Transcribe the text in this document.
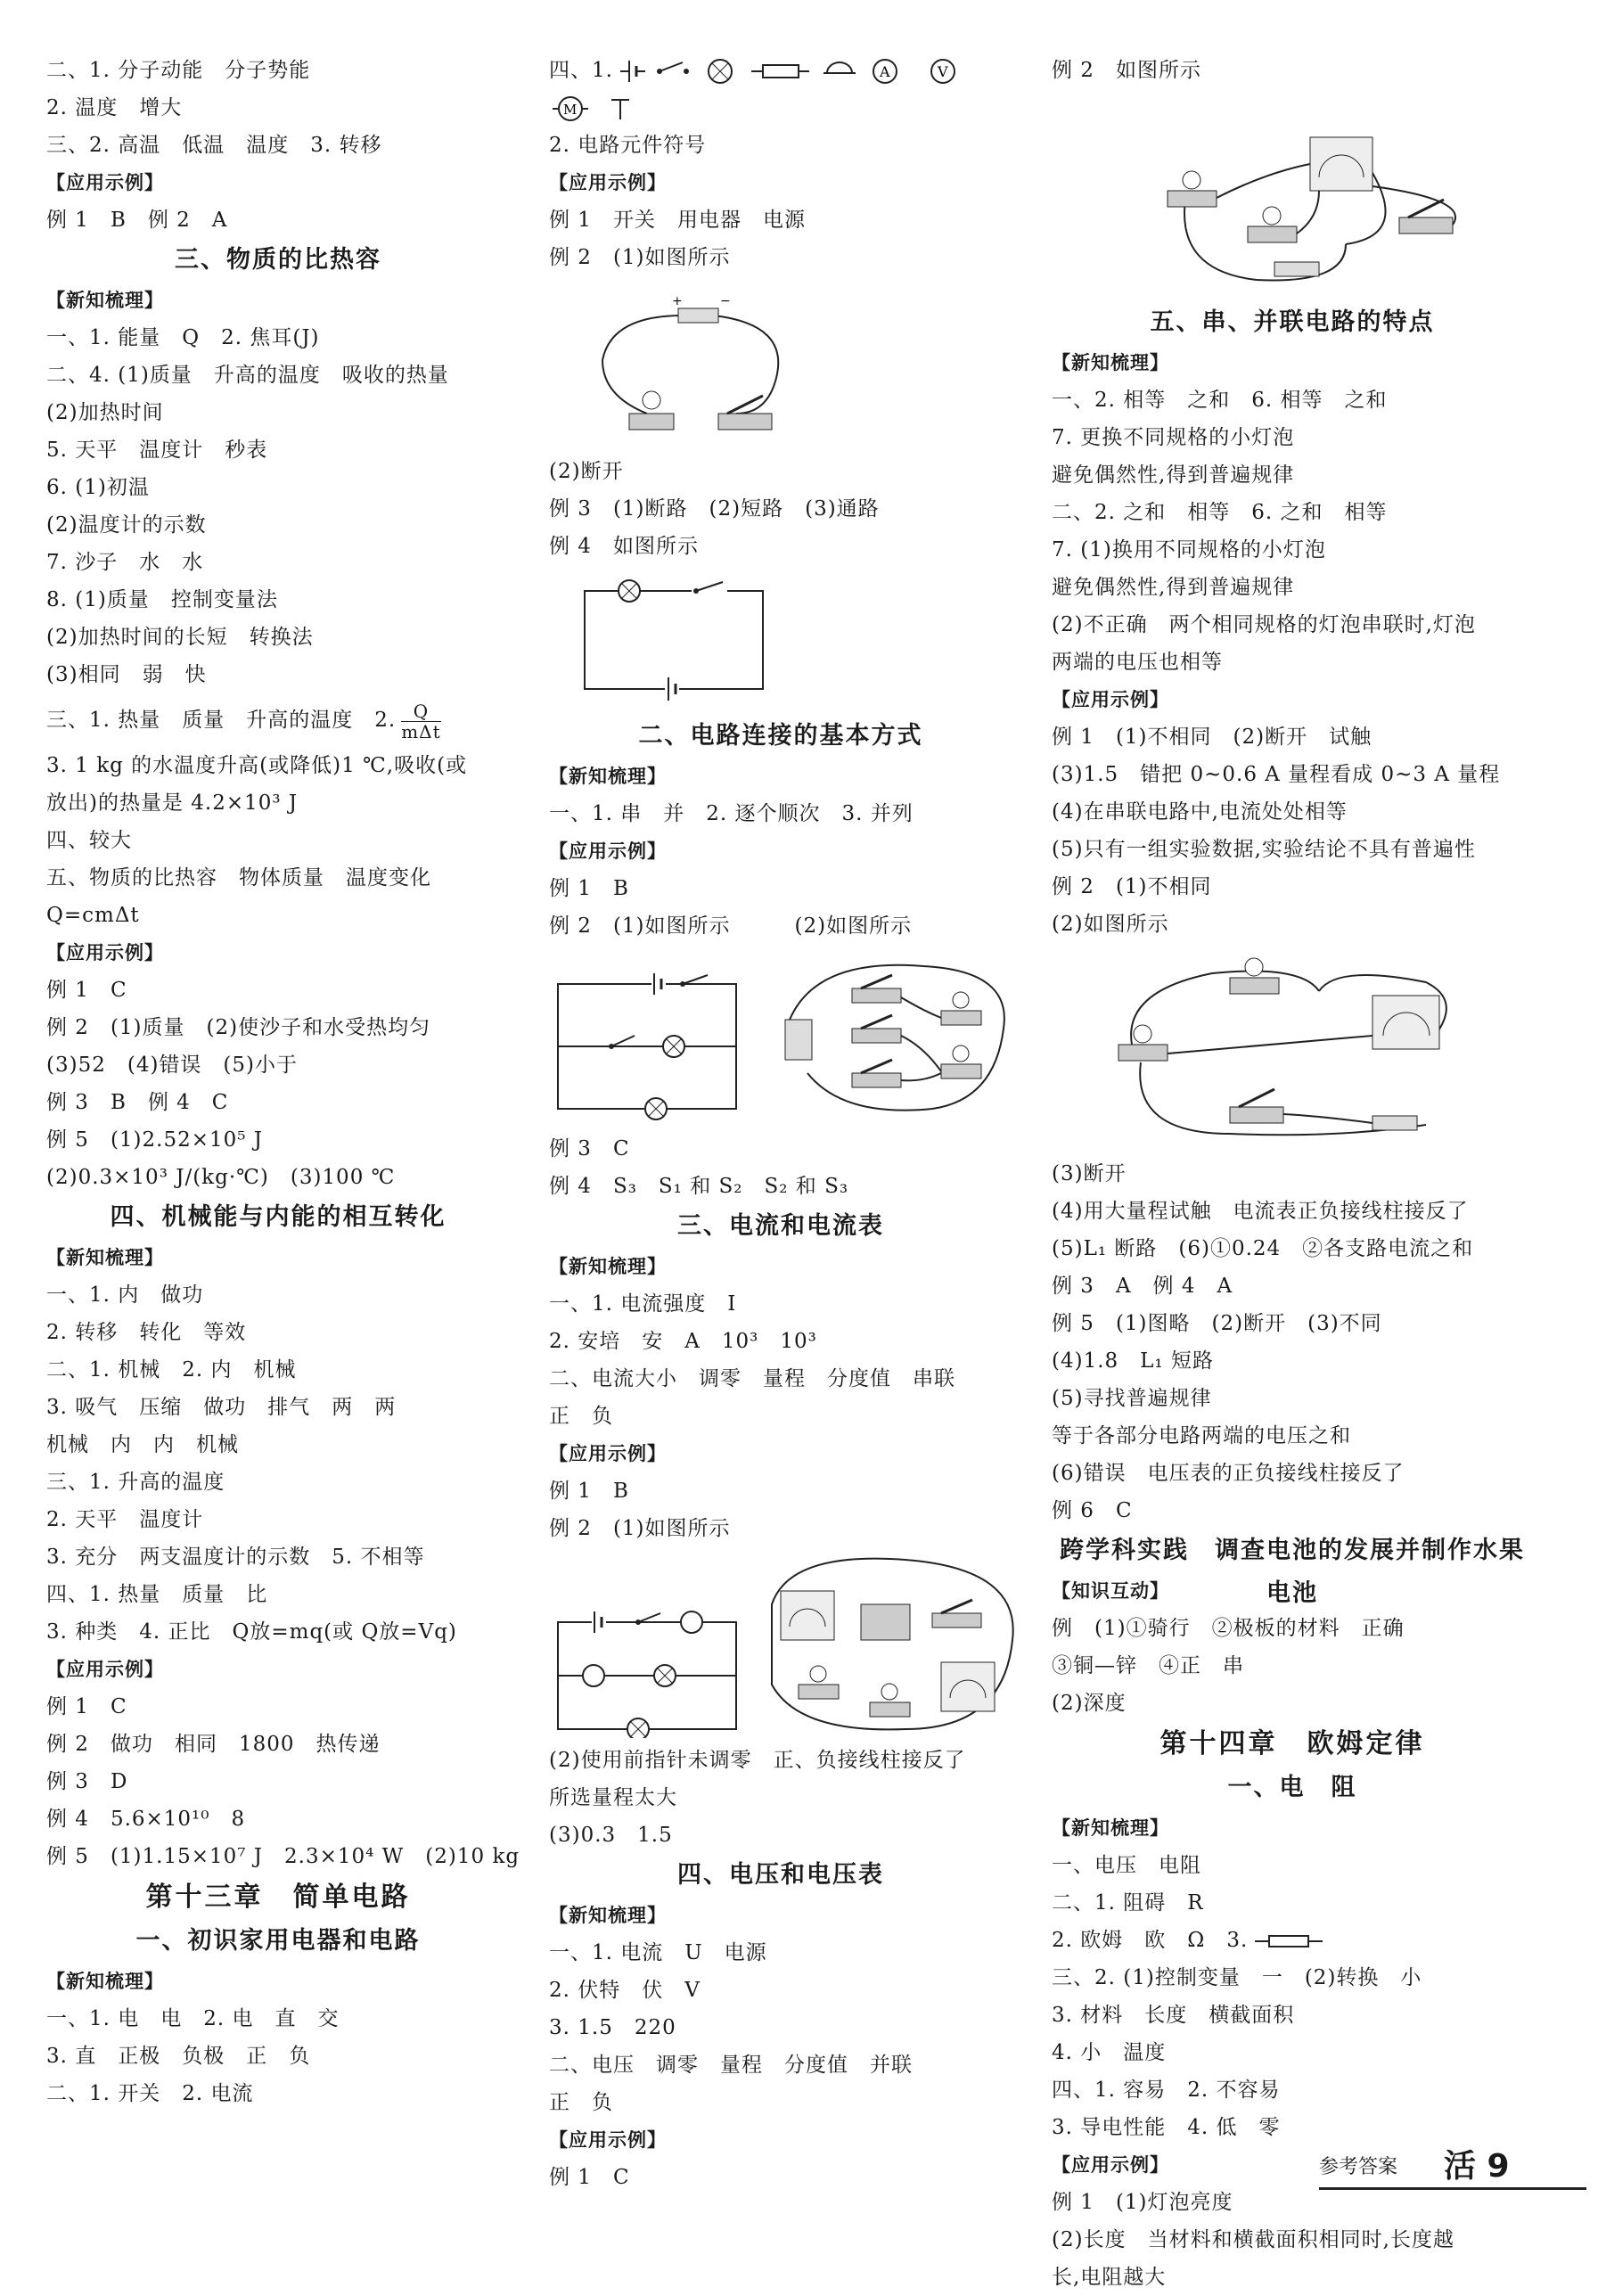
二、1. 分子动能　分子势能
2. 温度　增大
三、2. 高温　低温　温度　3. 转移
【应用示例】
例 1　B　例 2　A
三、物质的比热容
【新知梳理】
一、1. 能量　Q　2. 焦耳(J)
二、4. (1)质量　升高的温度　吸收的热量
(2)加热时间
5. 天平　温度计　秒表
6. (1)初温
(2)温度计的示数
7. 沙子　水　水
8. (1)质量　控制变量法
(2)加热时间的长短　转换法
(3)相同　弱　快
三、1. 热量　质量　升高的温度　2. $\frac{Q}{\text{mΔt}}$
3. 1 kg 的水温度升高(或降低)1 ℃,吸收(或
放出)的热量是 4.2×10³ J
四、较大
五、物质的比热容　物体质量　温度变化
Q=cmΔt
【应用示例】
例 1　C
例 2　(1)质量　(2)使沙子和水受热均匀
(3)52　(4)错误　(5)小于
例 3　B　例 4　C
例 5　(1)2.52×10⁵ J
(2)0.3×10³ J/(kg·℃)　(3)100 ℃
四、机械能与内能的相互转化
【新知梳理】
一、1. 内　做功
2. 转移　转化　等效
二、1. 机械　2. 内　机械
3. 吸气　压缩　做功　排气　两　两
机械　内　内　机械
三、1. 升高的温度
2. 天平　温度计
3. 充分　两支温度计的示数　5. 不相等
四、1. 热量　质量　比
3. 种类　4. 正比　Q放=mq(或 Q放=Vq)
【应用示例】
例 1　C
例 2　做功　相同　1800　热传递
例 3　D
例 4　5.6×10¹⁰　8
例 5　(1)1.15×10⁷ J　2.3×10⁴ W　(2)10 kg
第十三章　简单电路
一、初识家用电器和电路
【新知梳理】
一、1. 电　电　2. 电　直　交
3. 直　正极　负极　正　负
二、1. 开关　2. 电流
四、1.	A	V
M
2. 电路元件符号
【应用示例】
例 1　开关　用电器　电源
例 2　(1)如图所示
+	−
(2)断开
例 3　(1)断路　(2)短路　(3)通路
例 4　如图所示
二、电路连接的基本方式
【新知梳理】
一、1. 串　并　2. 逐个顺次　3. 并列
【应用示例】
例 1　B
例 2　(1)如图所示　　　(2)如图所示
例 3　C
例 4　S₃　S₁ 和 S₂　S₂ 和 S₃
三、电流和电流表
【新知梳理】
一、1. 电流强度　I
2. 安培　安　A　10³　10³
二、电流大小　调零　量程　分度值　串联
正　负
【应用示例】
例 1　B
例 2　(1)如图所示
(2)使用前指针未调零　正、负接线柱接反了
所选量程太大
(3)0.3　1.5
四、电压和电压表
【新知梳理】
一、1. 电流　U　电源
2. 伏特　伏　V
3. 1.5　220
二、电压　调零　量程　分度值　并联
正　负
【应用示例】
例 1　C
例 2　如图所示
五、串、并联电路的特点
【新知梳理】
一、2. 相等　之和　6. 相等　之和
7. 更换不同规格的小灯泡
避免偶然性,得到普遍规律
二、2. 之和　相等　6. 之和　相等
7. (1)换用不同规格的小灯泡
避免偶然性,得到普遍规律
(2)不正确　两个相同规格的灯泡串联时,灯泡
两端的电压也相等
【应用示例】
例 1　(1)不相同　(2)断开　试触
(3)1.5　错把 0~0.6 A 量程看成 0~3 A 量程
(4)在串联电路中,电流处处相等
(5)只有一组实验数据,实验结论不具有普遍性
例 2　(1)不相同
(2)如图所示
(3)断开
(4)用大量程试触　电流表正负接线柱接反了
(5)L₁ 断路　(6)①0.24　②各支路电流之和
例 3　A　例 4　A
例 5　(1)图略　(2)断开　(3)不同
(4)1.8　L₁ 短路
(5)寻找普遍规律
等于各部分电路两端的电压之和
(6)错误　电压表的正负接线柱接反了
例 6　C
跨学科实践　调查电池的发展并制作水果电池
【知识互动】
例　(1)①骑行　②极板的材料　正确
③铜—锌　④正　串
(2)深度
第十四章　欧姆定律
一、电　阻
【新知梳理】
一、电压　电阻
二、1. 阻碍　R
2. 欧姆　欧　Ω　3.
三、2. (1)控制变量　一　(2)转换　小
3. 材料　长度　横截面积
4. 小　温度
四、1. 容易　2. 不容易
3. 导电性能　4. 低　零
【应用示例】
例 1　(1)灯泡亮度
(2)长度　当材料和横截面积相同时,长度越
长,电阻越大
参考答案 活 9
